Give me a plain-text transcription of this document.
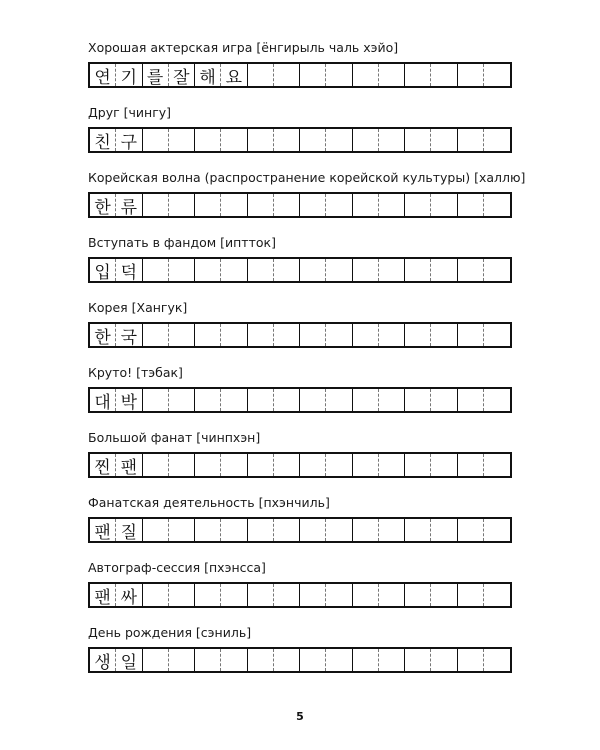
Хорошая актерская игра [ёнгирыль чаль хэйо]
연 기 를 잘 해 요
Друг [чингу]
친 구
Корейская волна (распространение корейской культуры) [халлю]
한 류
Вступать в фандом [иптток]
입 덕
Корея [Хангук]
한 국
Круто! [тэбак]
대 박
Большой фанат [чинпхэн]
찐 팬
Фанатская деятельность [пхэнчиль]
팬 질
Автограф-сессия [пхэнсса]
팬 싸
День рождения [сэниль]
생 일
5
